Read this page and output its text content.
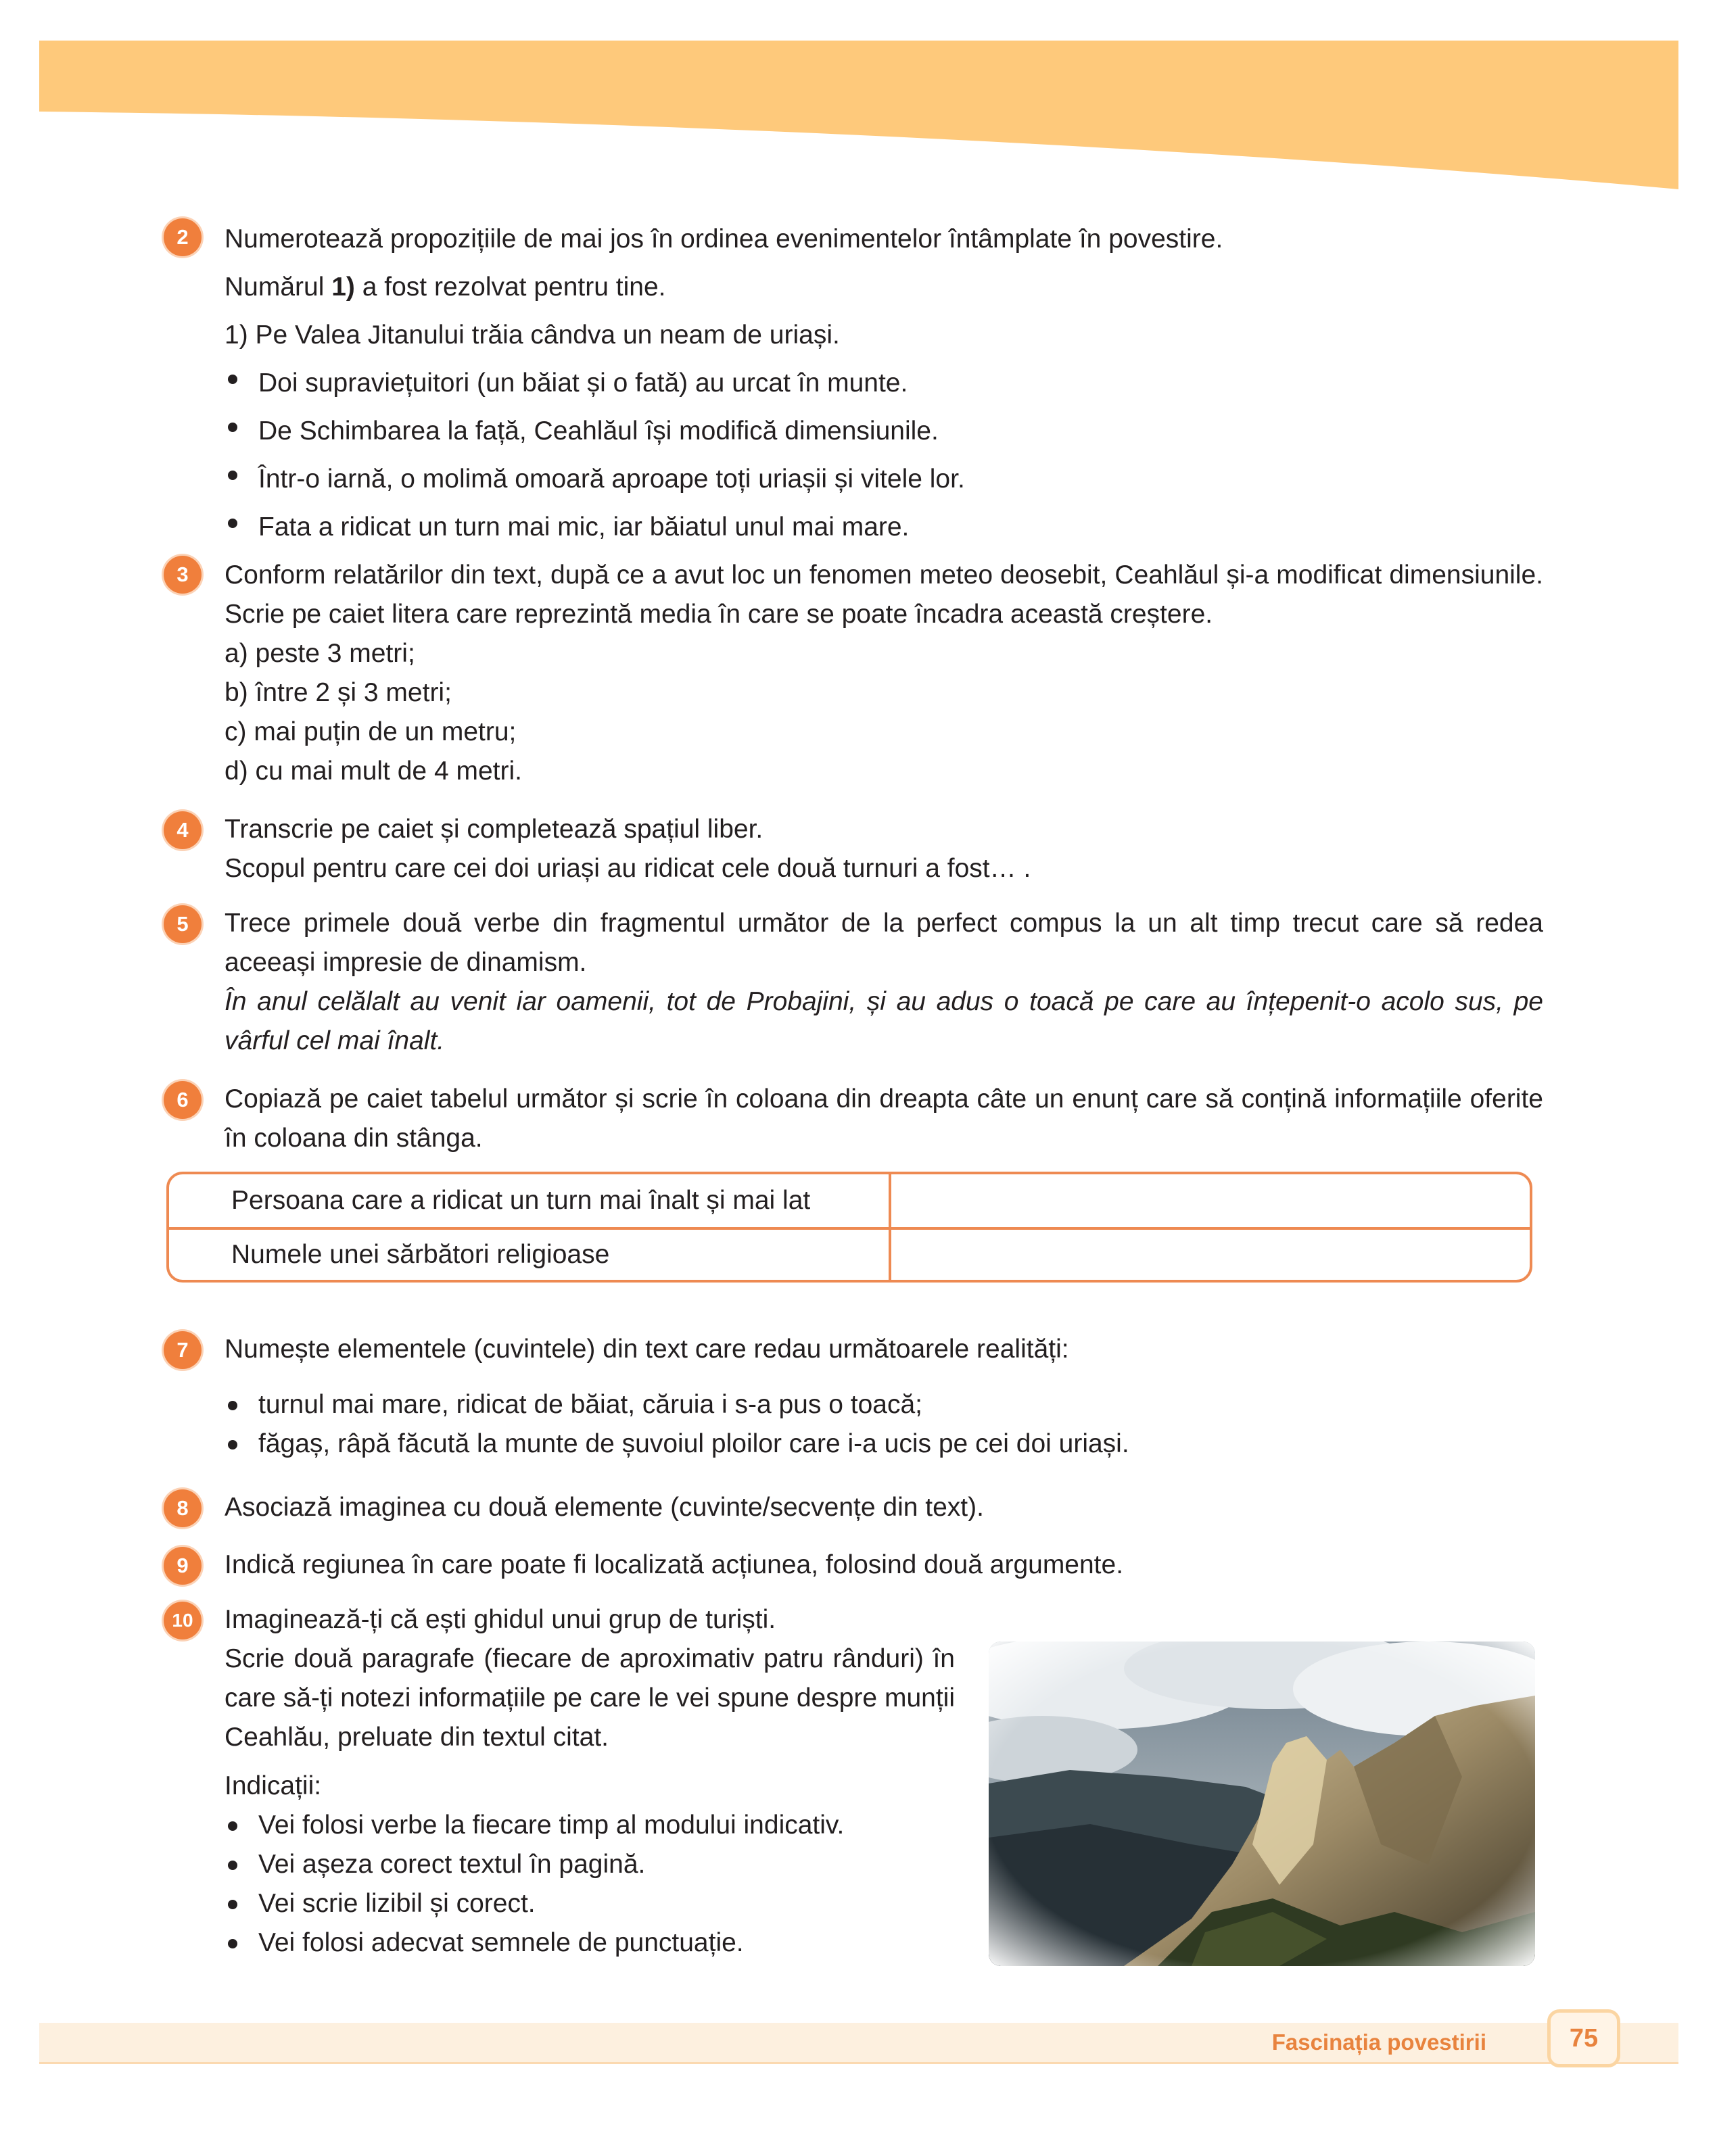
2	Numerotează propozițiile de mai jos în ordinea evenimentelor întâmplate în povestire.

Numărul 1) a fost rezolvat pentru tine.

1) Pe Valea Jitanului trăia cândva un neam de uriași.

Doi supraviețuitori (un băiat și o fată) au urcat în munte.

De Schimbarea la față, Ceahlăul își modifică dimensiunile.

Într-o iarnă, o molimă omoară aproape toți uriașii și vitele lor.

Fata a ridicat un turn mai mic, iar băiatul unul mai mare.

3	Conform relatărilor din text, după ce a avut loc un fenomen meteo deosebit, Ceahlăul și-a modificat dimensiunile. Scrie pe caiet litera care reprezintă media în care se poate încadra această creștere.

a) peste 3 metri;

b) între 2 și 3 metri;

c) mai puțin de un metru;

d) cu mai mult de 4 metri.

4	Transcrie pe caiet și completează spațiul liber.

Scopul pentru care cei doi uriași au ridicat cele două turnuri a fost… .

5	Trece primele două verbe din fragmentul următor de la perfect compus la un alt timp trecut care să redea aceeași impresie de dinamism.

În anul celălalt au venit iar oamenii, tot de Probajini, și au adus o toacă pe care au înțepenit-o acolo sus, pe vârful cel mai înalt.

6	Copiază pe caiet tabelul următor și scrie în coloana din dreapta câte un enunț care să conțină informațiile oferite în coloana din stânga.

Persoana care a ridicat un turn mai înalt și mai lat
Numele unei sărbători religioase
7	Numește elementele (cuvintele) din text care redau următoarele realități:

turnul mai mare, ridicat de băiat, căruia i s-a pus o toacă;

făgaș, râpă făcută la munte de șuvoiul ploilor care i-a ucis pe cei doi uriași.

8	Asociază imaginea cu două elemente (cuvinte/secvențe din text).

9	Indică regiunea în care poate fi localizată acțiunea, folosind două argumente.

10	Imaginează-ți că ești ghidul unui grup de turiști.

Scrie două paragrafe (fiecare de aproximativ patru rânduri) în care să-ți notezi informațiile pe care le vei spune despre munții Ceahlău, preluate din textul citat.

Indicații:

Vei folosi verbe la fiecare timp al modului indicativ.

Vei așeza corect textul în pagină.

Vei scrie lizibil și corect.

Vei folosi adecvat semnele de punctuație.

Fascinația povestirii	75
